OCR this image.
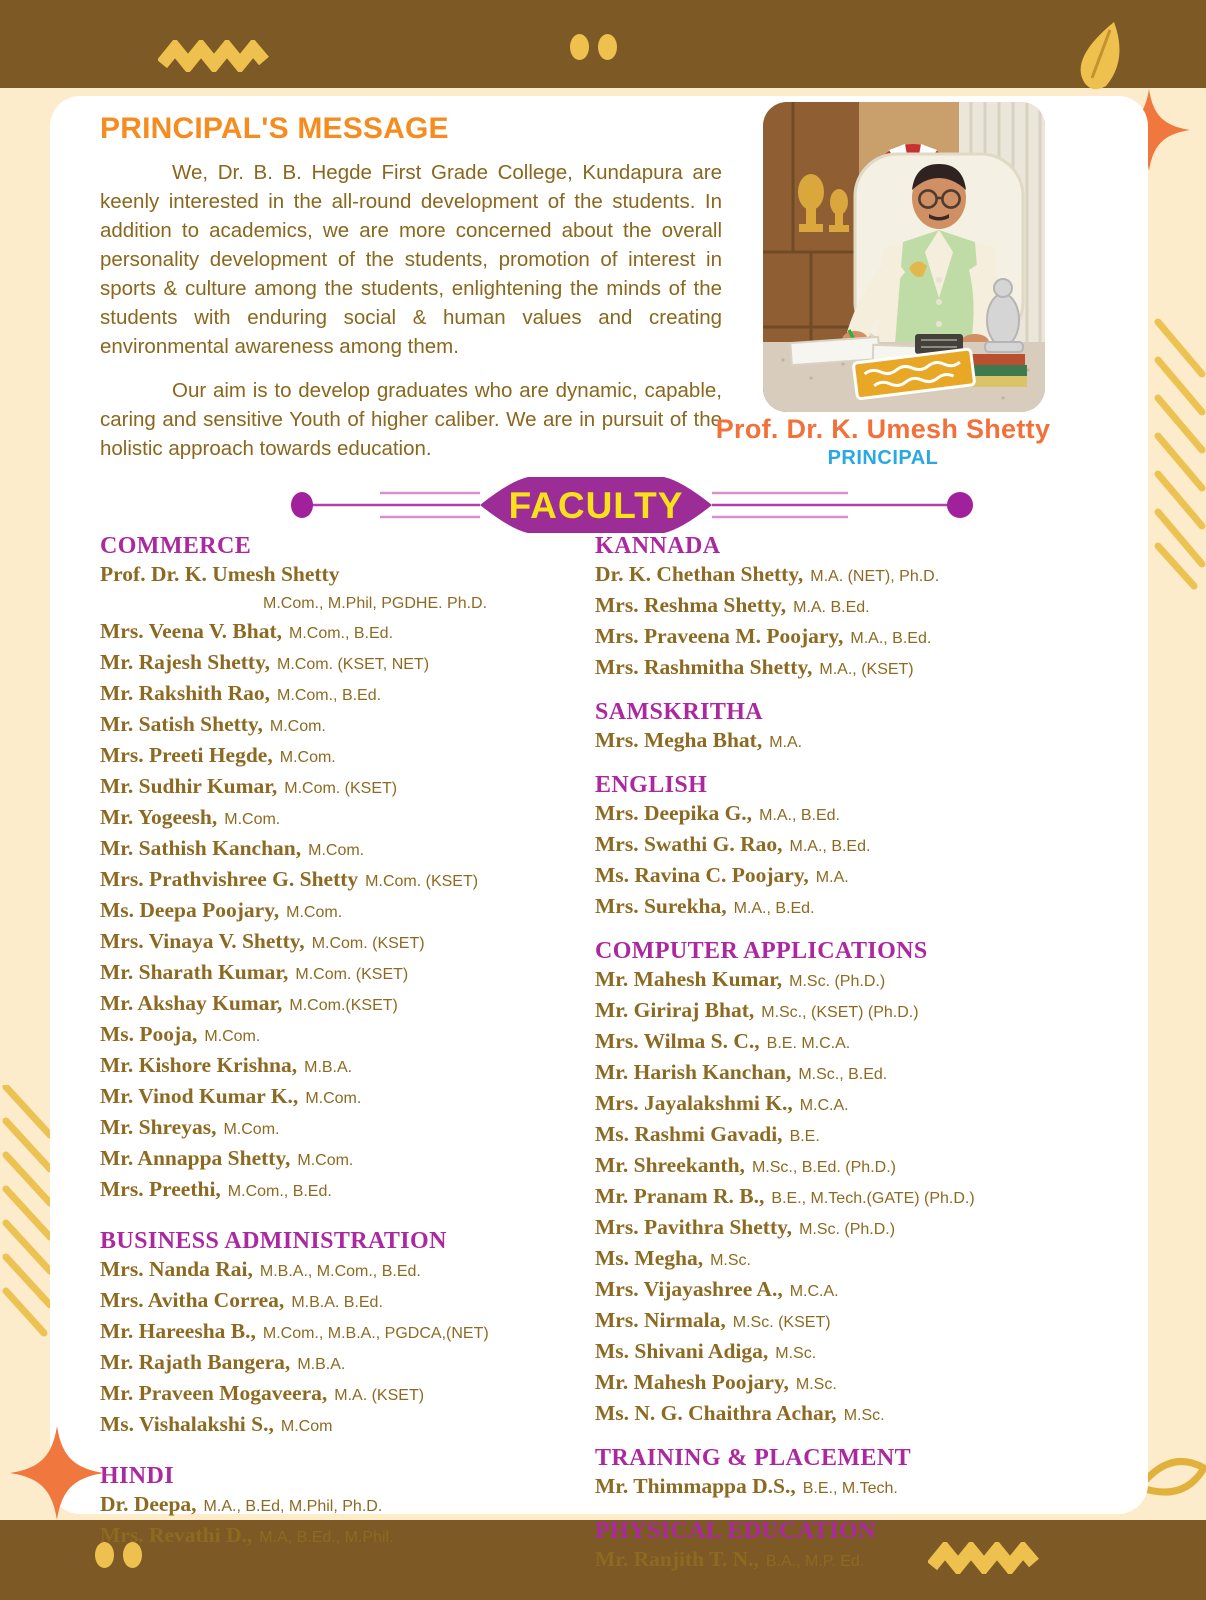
PRINCIPAL'S MESSAGE

We, Dr. B. B. Hegde First Grade College, Kundapura are keenly interested in the all-round development of the students. In addition to academics, we are more concerned about the overall personality development of the students, promotion of interest in sports & culture among the students, enlightening the minds of the students with enduring social & human values and creating environmental awareness among them.

Our aim is to develop graduates who are dynamic, capable, caring and sensitive Youth of higher caliber. We are in pursuit of the holistic approach towards education.

Prof. Dr. K. Umesh Shetty
PRINCIPAL
FACULTY
COMMERCE
Prof. Dr. K. Umesh Shetty
M.Com., M.Phil, PGDHE. Ph.D.
Mrs. Veena V. Bhat, M.Com., B.Ed.
Mr. Rajesh Shetty, M.Com. (KSET, NET)
Mr. Rakshith Rao, M.Com., B.Ed.
Mr. Satish Shetty, M.Com.
Mrs. Preeti Hegde, M.Com.
Mr. Sudhir Kumar, M.Com. (KSET)
Mr. Yogeesh, M.Com.
Mr. Sathish Kanchan, M.Com.
Mrs. Prathvishree G. Shetty M.Com. (KSET)
Ms. Deepa Poojary, M.Com.
Mrs. Vinaya V. Shetty, M.Com. (KSET)
Mr. Sharath Kumar, M.Com. (KSET)
Mr. Akshay Kumar, M.Com.(KSET)
Ms. Pooja, M.Com.
Mr. Kishore Krishna, M.B.A.
Mr. Vinod Kumar K., M.Com.
Mr. Shreyas, M.Com.
Mr. Annappa Shetty, M.Com.
Mrs. Preethi, M.Com., B.Ed.
BUSINESS ADMINISTRATION
Mrs. Nanda Rai, M.B.A., M.Com., B.Ed.
Mrs. Avitha Correa, M.B.A. B.Ed.
Mr. Hareesha B., M.Com., M.B.A., PGDCA,(NET)
Mr. Rajath Bangera, M.B.A.
Mr. Praveen Mogaveera, M.A. (KSET)
Ms. Vishalakshi S., M.Com
HINDI
Dr. Deepa, M.A., B.Ed, M.Phil, Ph.D.
Mrs. Revathi D., M.A, B.Ed., M.Phil.
KANNADA
Dr. K. Chethan Shetty, M.A. (NET), Ph.D.
Mrs. Reshma Shetty, M.A. B.Ed.
Mrs. Praveena M. Poojary, M.A., B.Ed.
Mrs. Rashmitha Shetty, M.A., (KSET)
SAMSKRITHA
Mrs. Megha Bhat, M.A.
ENGLISH
Mrs. Deepika G., M.A., B.Ed.
Mrs. Swathi G. Rao, M.A., B.Ed.
Ms. Ravina C. Poojary, M.A.
Mrs. Surekha, M.A., B.Ed.
COMPUTER APPLICATIONS
Mr. Mahesh Kumar, M.Sc. (Ph.D.)
Mr. Giriraj Bhat, M.Sc., (KSET) (Ph.D.)
Mrs. Wilma S. C., B.E. M.C.A.
Mr. Harish Kanchan, M.Sc., B.Ed.
Mrs. Jayalakshmi K., M.C.A.
Ms. Rashmi Gavadi, B.E.
Mr. Shreekanth, M.Sc., B.Ed. (Ph.D.)
Mr. Pranam R. B., B.E., M.Tech.(GATE) (Ph.D.)
Mrs. Pavithra Shetty, M.Sc. (Ph.D.)
Ms. Megha, M.Sc.
Mrs. Vijayashree A., M.C.A.
Mrs. Nirmala, M.Sc. (KSET)
Ms. Shivani Adiga, M.Sc.
Mr. Mahesh Poojary, M.Sc.
Ms. N. G. Chaithra Achar, M.Sc.
TRAINING & PLACEMENT
Mr. Thimmappa D.S., B.E., M.Tech.
PHYSICAL EDUCATION
Mr. Ranjith T. N., B.A., M.P. Ed.
